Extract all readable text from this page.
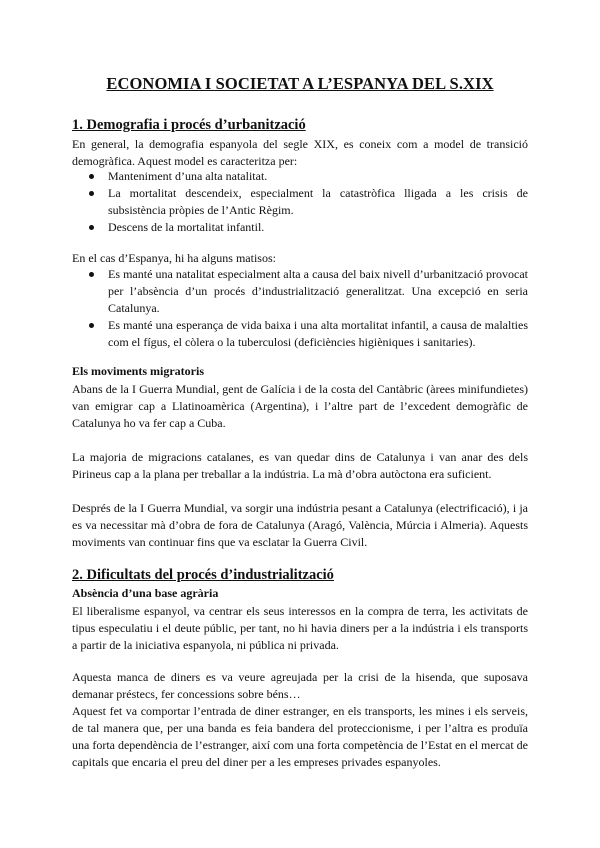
ECONOMIA I SOCIETAT A L’ESPANYA DEL S.XIX
1. Demografia i procés d’urbanització
En general, la demografia espanyola del segle XIX, es coneix com a model de transició demogràfica. Aquest model es caracteritza per:
Manteniment d’una alta natalitat.
La mortalitat descendeix, especialment la catastròfica lligada a les crisis de subsistència pròpies de l’Antic Règim.
Descens de la mortalitat infantil.
En el cas d’Espanya, hi ha alguns matisos:
Es manté una natalitat especialment alta a causa del baix nivell d’urbanització provocat per l’absència d’un procés d’industrialització generalitzat. Una excepció en seria Catalunya.
Es manté una esperança de vida baixa i una alta mortalitat infantil, a causa de malalties com el fígus, el còlera o la tuberculosi (deficiències higièniques i sanitaries).
Els moviments migratoris
Abans de la I Guerra Mundial, gent de Galícia i de la costa del Cantàbric (àrees minifundietes) van emigrar cap a Llatinoamèrica (Argentina), i l’altre part de l’excedent demogràfic de Catalunya ho va fer cap a Cuba.
La majoria de migracions catalanes, es van quedar dins de Catalunya i van anar des dels Pirineus cap a la plana per treballar a la indústria. La mà d’obra autòctona era suficient.
Després de la I Guerra Mundial, va sorgir una indústria pesant a Catalunya (electrificació), i ja es va necessitar mà d’obra de fora de Catalunya (Aragó, València, Múrcia i Almeria). Aquests moviments van continuar fins que va esclatar la Guerra Civil.
2. Dificultats del procés d’industrialització
Absència d’una base agrària
El liberalisme espanyol, va centrar els seus interessos en la compra de terra, les activitats de tipus especulatiu i el deute públic, per tant, no hi havia diners per a la indústria i els transports a partir de la iniciativa espanyola, ni pública ni privada.
Aquesta manca de diners es va veure agreujada per la crisi de la hisenda, que suposava demanar préstecs, fer concessions sobre béns…
Aquest fet va comportar l’entrada de diner estranger, en els transports, les mines i els serveis, de tal manera que, per una banda es feia bandera del proteccionisme, i per l’altra es produïa una forta dependència de l’estranger, així com una forta competència de l’Estat en el mercat de capitals que encaria el preu del diner per a les empreses privades espanyoles.
